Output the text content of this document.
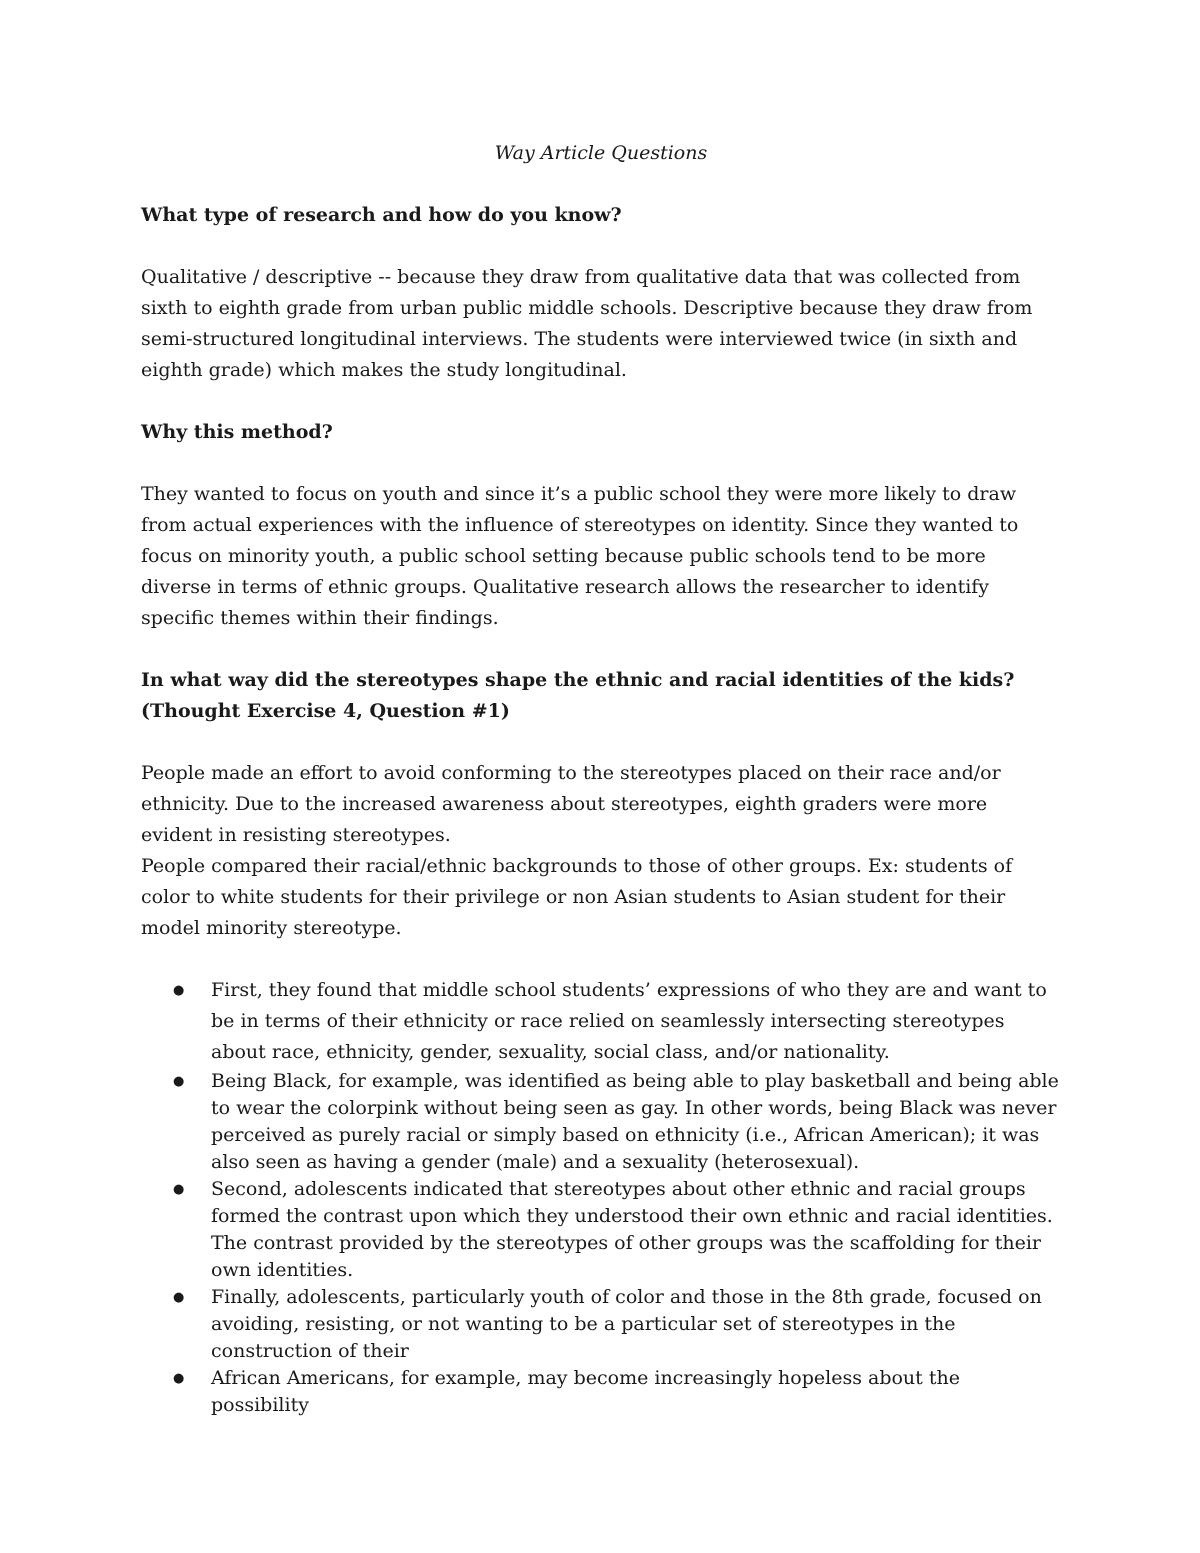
Way Article Questions

What type of research and how do you know?

Qualitative / descriptive -- because they draw from qualitative data that was collected from sixth to eighth grade from urban public middle schools. Descriptive because they draw from semi-structured longitudinal interviews. The students were interviewed twice (in sixth and eighth grade) which makes the study longitudinal.

Why this method?

They wanted to focus on youth and since it’s a public school they were more likely to draw from actual experiences with the influence of stereotypes on identity. Since they wanted to focus on minority youth, a public school setting because public schools tend to be more diverse in terms of ethnic groups. Qualitative research allows the researcher to identify specific themes within their findings.

In what way did the stereotypes shape the ethnic and racial identities of the kids? (Thought Exercise 4, Question #1)

People made an effort to avoid conforming to the stereotypes placed on their race and/or ethnicity. Due to the increased awareness about stereotypes, eighth graders were more evident in resisting stereotypes.

People compared their racial/ethnic backgrounds to those of other groups. Ex: students of color to white students for their privilege or non Asian students to Asian student for their model minority stereotype.

● First, they found that middle school students’ expressions of who they are and want to be in terms of their ethnicity or race relied on seamlessly intersecting stereotypes about race, ethnicity, gender, sexuality, social class, and/or nationality.
● Being Black, for example, was identified as being able to play basketball and being able to wear the colorpink without being seen as gay. In other words, being Black was never perceived as purely racial or simply based on ethnicity (i.e., African American); it was also seen as having a gender (male) and a sexuality (heterosexual).
● Second, adolescents indicated that stereotypes about other ethnic and racial groups formed the contrast upon which they understood their own ethnic and racial identities. The contrast provided by the stereotypes of other groups was the scaffolding for their own identities.
● Finally, adolescents, particularly youth of color and those in the 8th grade, focused on avoiding, resisting, or not wanting to be a particular set of stereotypes in the construction of their
● African Americans, for example, may become increasingly hopeless about the possibility
